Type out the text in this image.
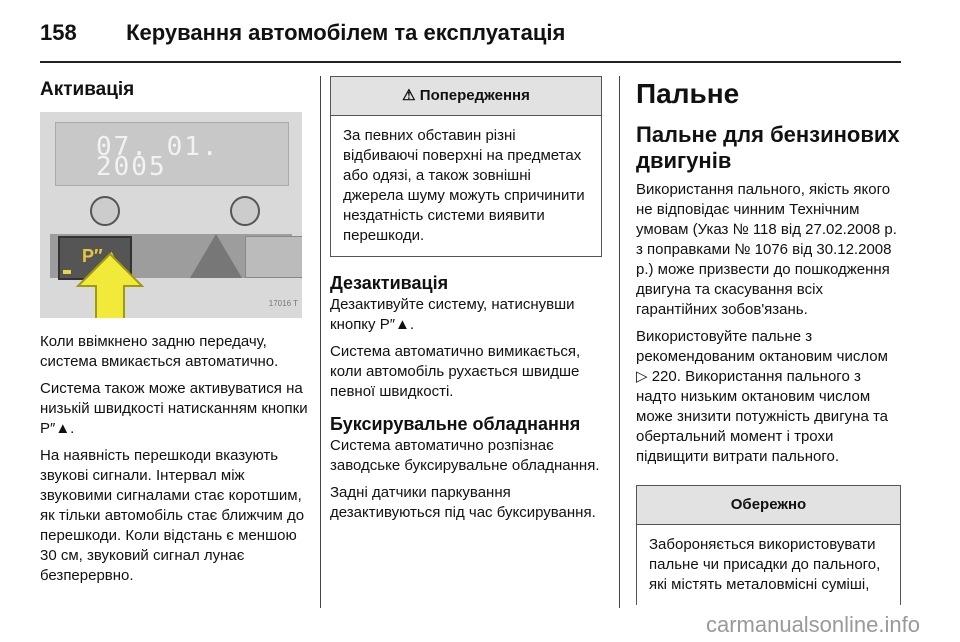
158 Керування автомобілем та експлуатація
Активація
07. 01. 2005
P″▲
17016 T

Коли ввімкнено задню передачу, система вмикається автоматично.

Система також може активуватися на низькій швидкості натисканням кнопки P″▲.

На наявність перешкоди вказують звукові сигнали. Інтервал між звуковими сигналами стає коротшим, як тільки автомобіль стає ближчим до перешкоди. Коли відстань є меншою 30 см, звуковий сигнал лунає безперервно.

⚠ Попередження
За певних обставин різні відбиваючі поверхні на предметах або одязі, а також зовнішні джерела шуму можуть спричинити нездатність системи виявити перешкоди.
Дезактивація

Дезактивуйте систему, натиснувши кнопку P″▲.

Система автоматично вимикається, коли автомобіль рухається швидше певної швидкості.

Буксирувальне обладнання

Система автоматично розпізнає заводське буксирувальне обладнання.

Задні датчики паркування дезактивуються під час буксирування.

Пальне
Пальне для бензинових двигунів

Використання пального, якість якого не відповідає чинним Технічним умовам (Указ № 118 від 27.02.2008 р. з поправками № 1076 від 30.12.2008 р.) може призвести до пошкодження двигуна та скасування всіх гарантійних зобов'язань.

Використовуйте пальне з рекомендованим октановим числом ▷ 220. Використання пального з надто низьким октановим числом може знизити потужність двигуна та обертальний момент і трохи підвищити витрати пального.

Обережно
Забороняється використовувати пальне чи присадки до пального, які містять металовмісні суміші,
carmanualsonline.info
